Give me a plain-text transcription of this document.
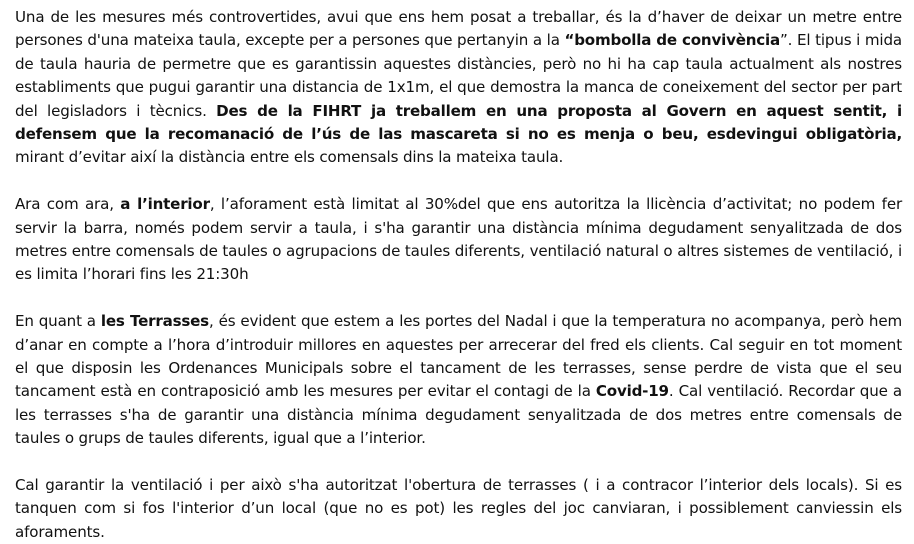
Una de les mesures més controvertides, avui que ens hem posat a treballar, és la d’haver de deixar un metre entre persones d'una mateixa taula, excepte per a persones que pertanyin a la “bombolla de convivència”. El tipus i mida de taula hauria de permetre que es garantissin aquestes distàncies, però no hi ha cap taula actualment als nostres establiments que pugui garantir una distancia de 1x1m, el que demostra la manca de coneixement del sector per part del legisladors i tècnics. Des de la FIHRT ja treballem en una proposta al Govern en aquest sentit, i defensem que la recomanació de l’ús de las mascareta si no es menja o beu, esdevingui obligatòria, mirant d’evitar així la distància entre els comensals dins la mateixa taula.

Ara com ara, a l’interior, l’aforament està limitat al 30%del que ens autoritza la llicència d’activitat; no podem fer servir la barra, només podem servir a taula, i s'ha garantir una distància mínima degudament senyalitzada de dos metres entre comensals de taules o agrupacions de taules diferents, ventilació natural o altres sistemes de ventilació, i es limita l’horari fins les 21:30h

En quant a les Terrasses, és evident que estem a les portes del Nadal i que la temperatura no acompanya, però hem d’anar en compte a l’hora d’introduir millores en aquestes per arrecerar del fred els clients. Cal seguir en tot moment el que disposin les Ordenances Municipals sobre el tancament de les terrasses, sense perdre de vista que el seu tancament està en contraposició amb les mesures per evitar el contagi de la Covid-19. Cal ventilació. Recordar que a les terrasses s'ha de garantir una distància mínima degudament senyalitzada de dos metres entre comensals de taules o grups de taules diferents, igual que a l’interior.

Cal garantir la ventilació i per això s'ha autoritzat l'obertura de terrasses ( i a contracor l’interior dels locals). Si es tanquen com si fos l'interior d’un local (que no es pot) les regles del joc canviaran, i possiblement canviessin els aforaments.
